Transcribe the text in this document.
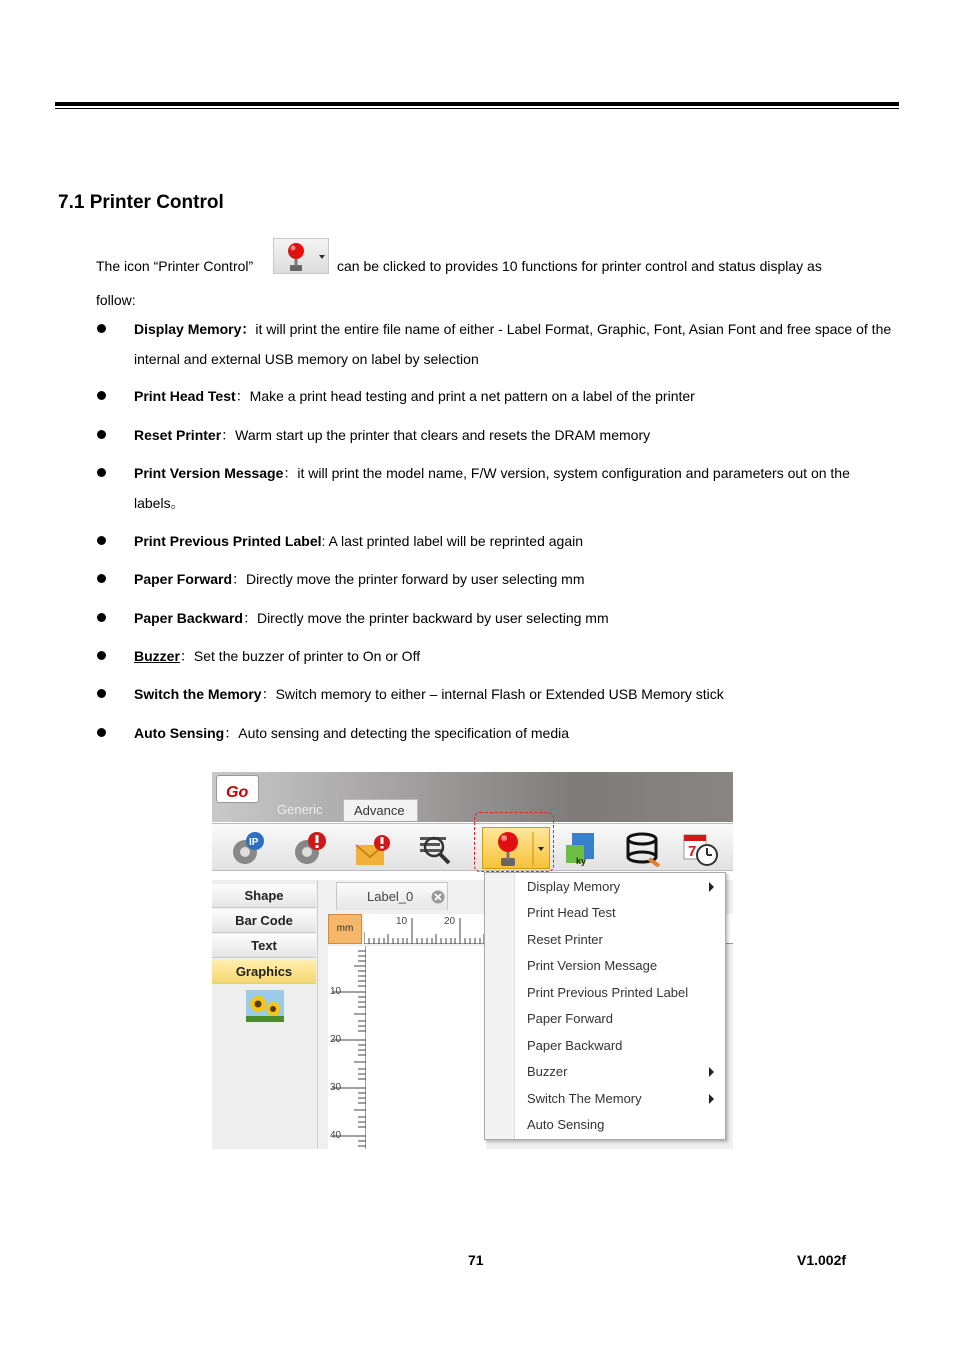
7.1 Printer Control
The icon “Printer Control”	can be clicked to provides 10 functions for printer control and status display as
follow:
Display Memory：it will print the entire file name of either - Label Format, Graphic, Font, Asian Font and free space of the internal and external USB memory on label by selection
Print Head Test：Make a print head testing and print a net pattern on a label of the printer
Reset Printer：Warm start up the printer that clears and resets the DRAM memory
Print Version Message：it will print the model name, F/W version, system configuration and parameters out on the labels。
Print Previous Printed Label: A last printed label will be reprinted again
Paper Forward：Directly move the printer forward by user selecting mm
Paper Backward：Directly move the printer backward by user selecting mm
Buzzer：Set the buzzer of printer to On or Off
Switch the Memory：Switch memory to either – internal Flash or Extended USB Memory stick
Auto Sensing：Auto sensing and detecting the specification of media
Go
Generic	Advance
IP
ky
7
Shape
Bar Code
Text
Graphics
Label_0
mm
10	20
10
20
30
40
Display Memory
Print Head Test
Reset Printer
Print Version Message
Print Previous Printed Label
Paper Forward
Paper Backward
Buzzer
Switch The Memory
Auto Sensing
71	V1.002f
